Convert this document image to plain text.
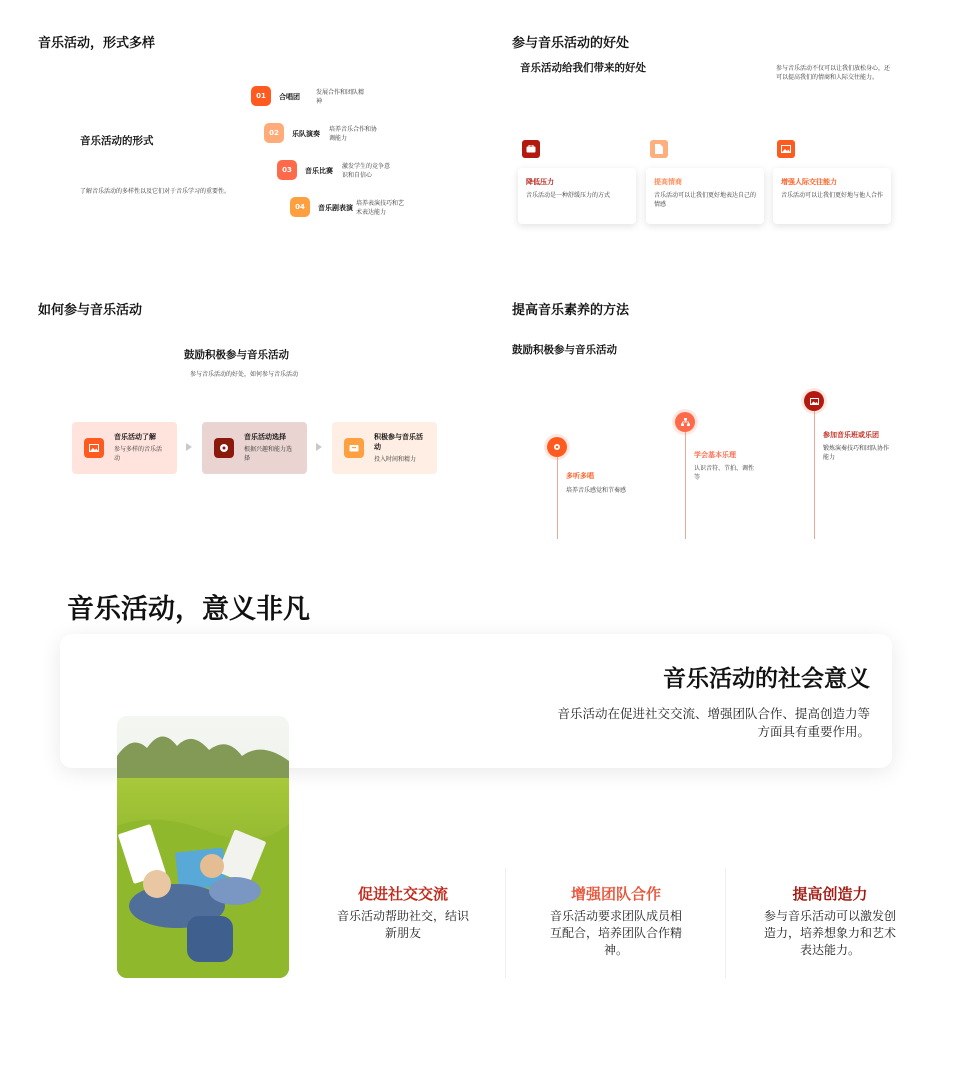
音乐活动，形式多样
音乐活动的形式
了解音乐活动的多样性以及它们对于音乐学习的重要性。
01	合唱团
发展合作和团队精神
02	乐队演奏
培养音乐合作和协调能力
03	音乐比赛
激发学生的竞争意识和自信心
04	音乐剧表演
培养表演技巧和艺术表达能力
参与音乐活动的好处
音乐活动给我们带来的好处	参与音乐活动不仅可以让我们放松身心，还可以提高我们的情商和人际交往能力。
降低压力
音乐活动是一种舒缓压力的方式
提高情商
音乐活动可以让我们更好地表达自己的情感
增强人际交往能力
音乐活动可以让我们更好地与他人合作
如何参与音乐活动
鼓励积极参与音乐活动
参与音乐活动的好处，如何参与音乐活动
音乐活动了解
参与多样的音乐活动
音乐活动选择
根据兴趣和能力选择
积极参与音乐活动
投入时间和精力
提高音乐素养的方法
鼓励积极参与音乐活动
多听多唱
培养音乐感觉和节奏感
学会基本乐理
认识音符、节拍、调性等
参加音乐班或乐团
锻炼演奏技巧和团队协作能力
音乐活动，意义非凡
音乐活动的社会意义
音乐活动在促进社交交流、增强团队合作、提高创造力等
方面具有重要作用。
促进社交交流
音乐活动帮助社交，结识
新朋友
增强团队合作
音乐活动要求团队成员相
互配合，培养团队合作精
神。
提高创造力
参与音乐活动可以激发创
造力，培养想象力和艺术
表达能力。
